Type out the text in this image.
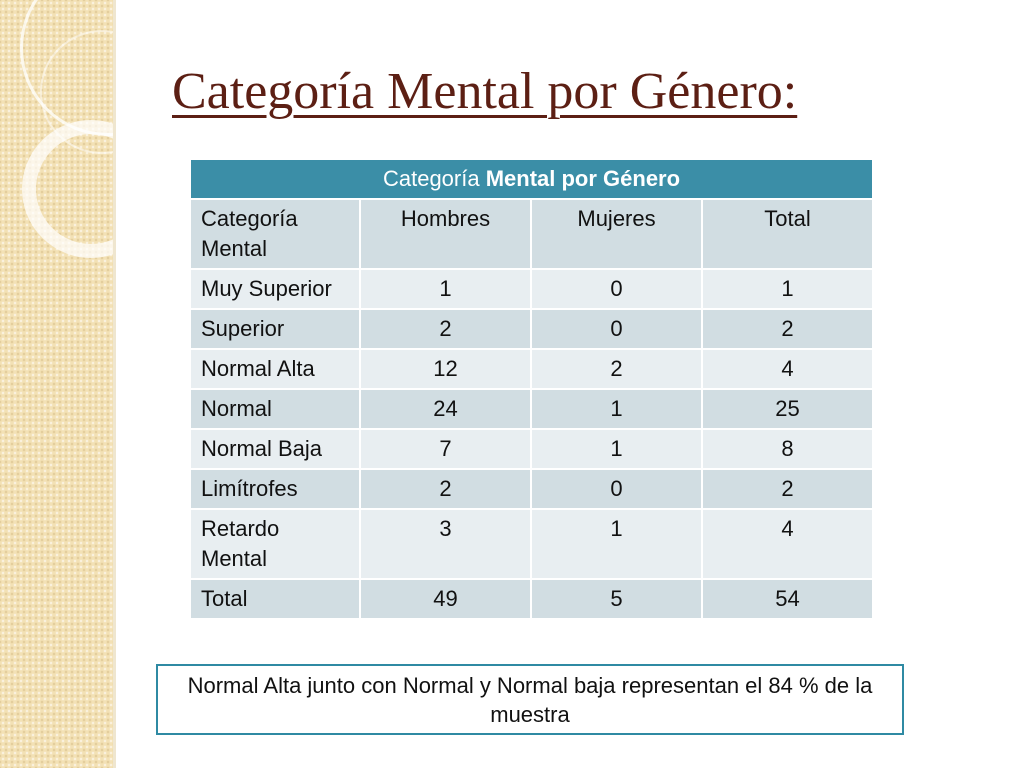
Categoría Mental por Género:
Categoría Mental por Género			
Categoría Mental	Hombres	Mujeres	Total
Muy Superior	1	0	1
Superior	2	0	2
Normal Alta	12	2	4
Normal	24	1	25
Normal Baja	7	1	8
Limítrofes	2	0	2
Retardo Mental	3	1	4
Total	49	5	54
Normal Alta junto con Normal y Normal baja representan el 84 % de la muestra
